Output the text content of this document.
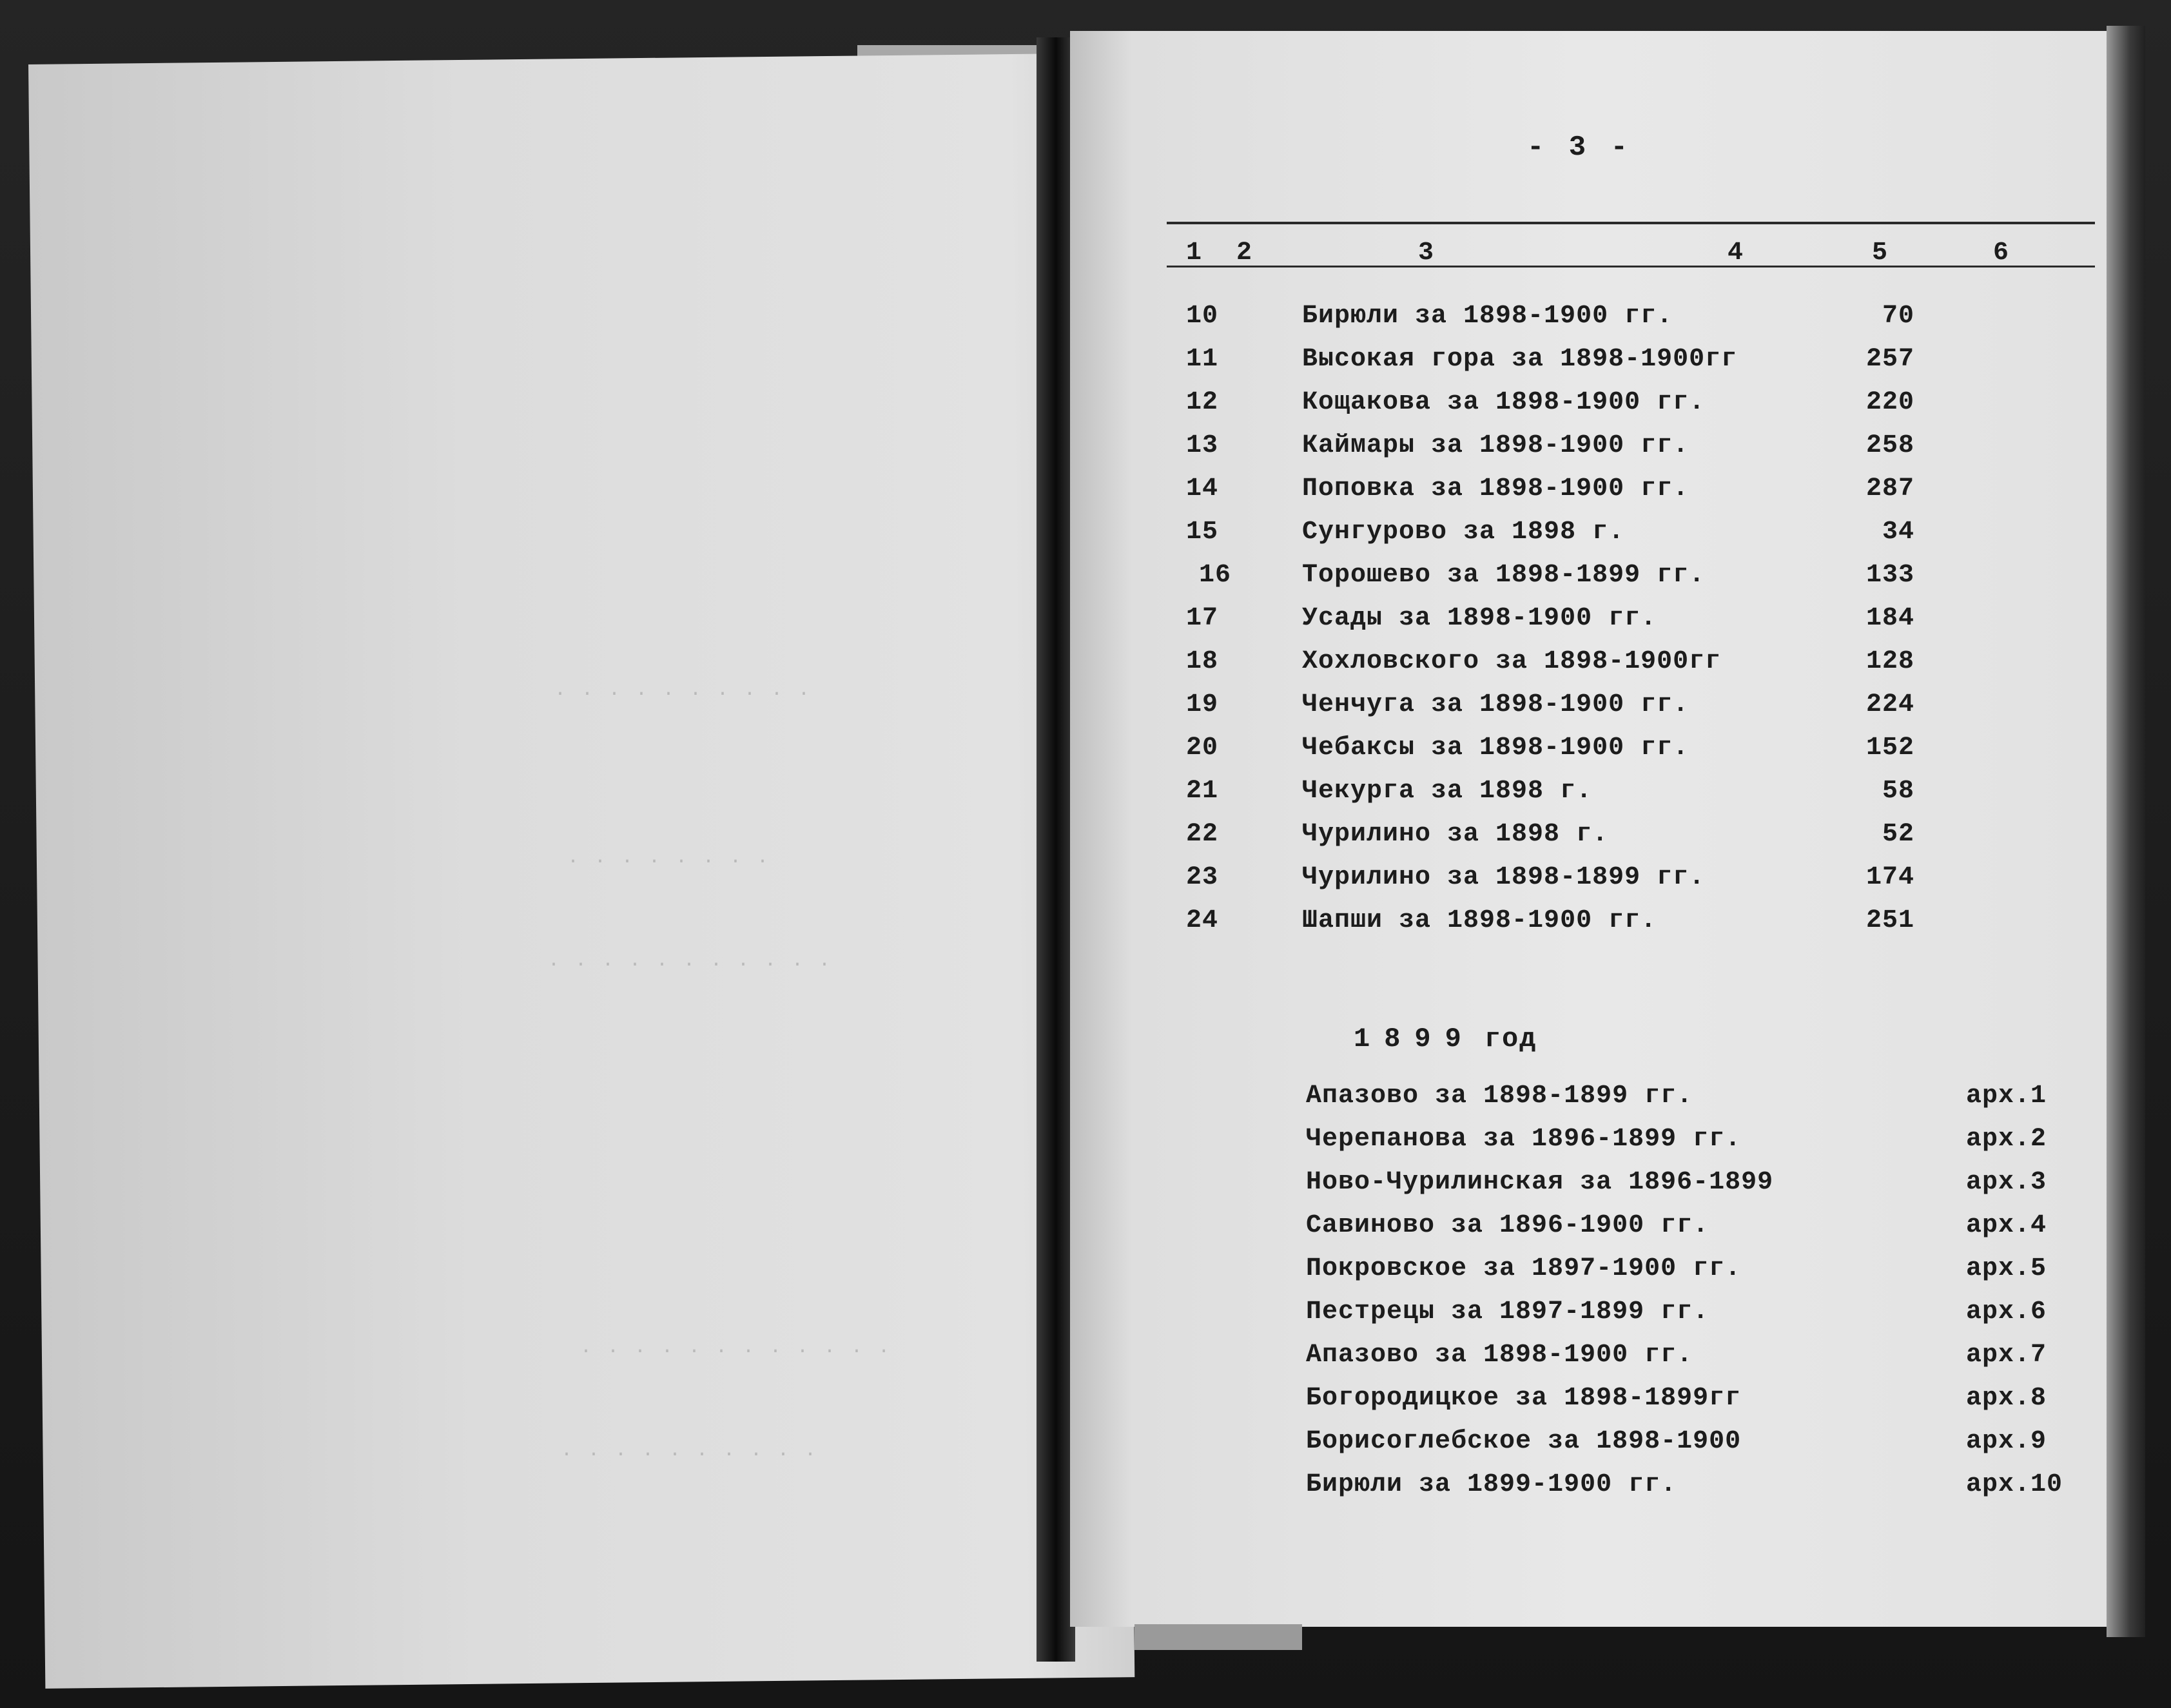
· · · · · · · · · ·
· · · · · · · ·
· · · · · · · · · · ·
· · · · · · · · · · · ·
· · · · · · · · · ·
- 3 -
1 2	3	4	5	6
10	Бирюли за 1898-1900 гг.	70
11	Высокая гора за 1898-1900гг	257
12	Кощакова за 1898-1900 гг.	220
13	Каймары за 1898-1900 гг.	258
14	Поповка за 1898-1900 гг.	287
15	Сунгурово за 1898 г.	34
16	Торошево за 1898-1899 гг.	133
17	Усады за 1898-1900 гг.	184
18	Хохловского за 1898-1900гг	128
19	Ченчуга за 1898-1900 гг.	224
20	Чебаксы за 1898-1900 гг.	152
21	Чекурга за 1898 г.	58
22	Чурилино за 1898 г.	52
23	Чурилино за 1898-1899 гг.	174
24	Шапши за 1898-1900 гг.	251
1899 год
Апазово за 1898-1899 гг.	арх.1
Черепанова за 1896-1899 гг.	арх.2
Ново-Чурилинская за 1896-1899	арх.3
Савиново за 1896-1900 гг.	арх.4
Покровское за 1897-1900 гг.	арх.5
Пестрецы за 1897-1899 гг.	арх.6
Апазово за 1898-1900 гг.	арх.7
Богородицкое за 1898-1899гг	арх.8
Борисоглебское за 1898-1900	арх.9
Бирюли за 1899-1900 гг.	арх.10
